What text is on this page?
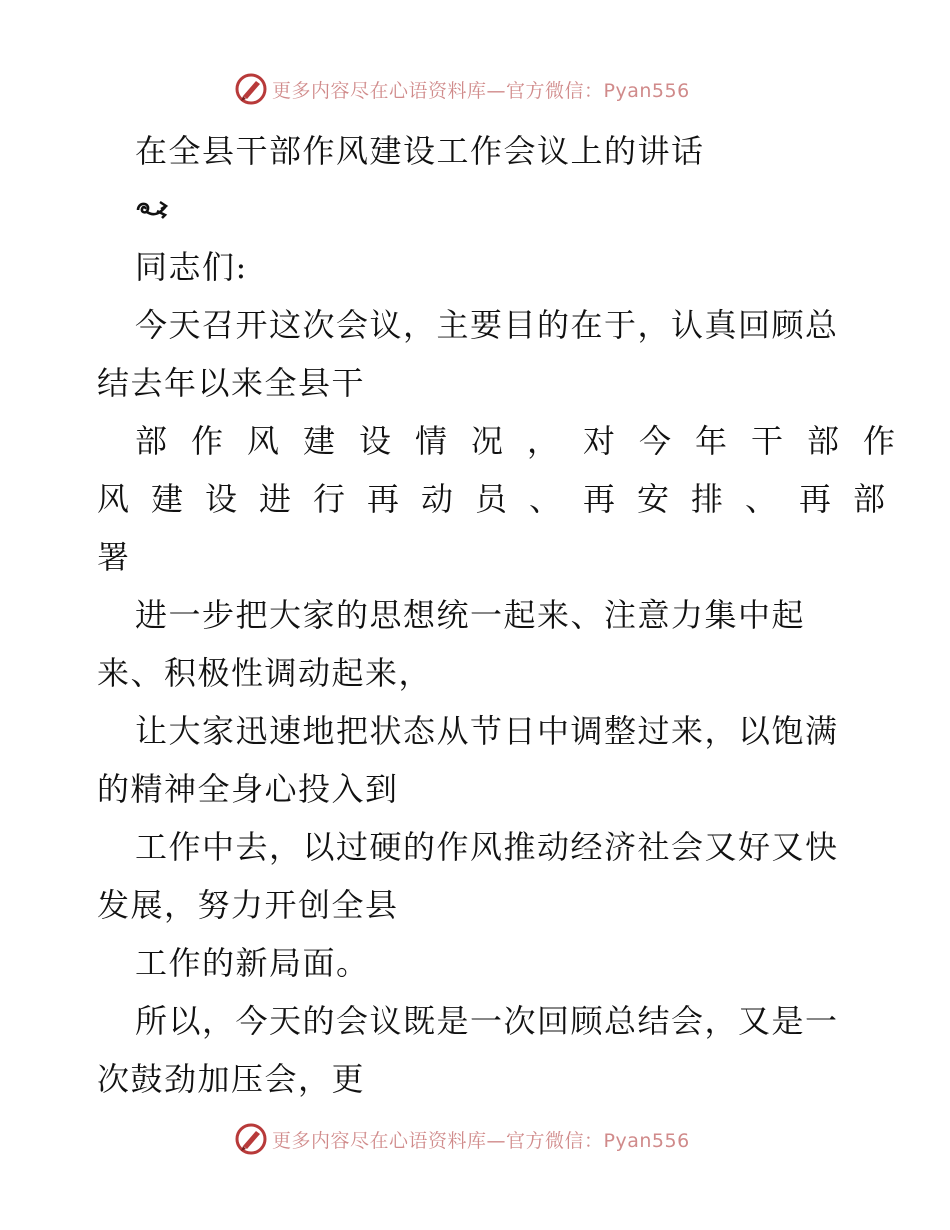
更多内容尽在心语资料库—官方微信：Pyan556
在全县干部作风建设工作会议上的讲话
同志们:
今天召开这次会议，主要目的在于，认真回顾总
结去年以来全县干
部作风建设情况，对今年干部作
风建设进行再动员、再安排、再部
署
进一步把大家的思想统一起来、注意力集中起
来、积极性调动起来，
让大家迅速地把状态从节日中调整过来，以饱满
的精神全身心投入到
工作中去，以过硬的作风推动经济社会又好又快
发展，努力开创全县
工作的新局面。
所以，今天的会议既是一次回顾总结会，又是一
次鼓劲加压会，更
更多内容尽在心语资料库—官方微信：Pyan556
